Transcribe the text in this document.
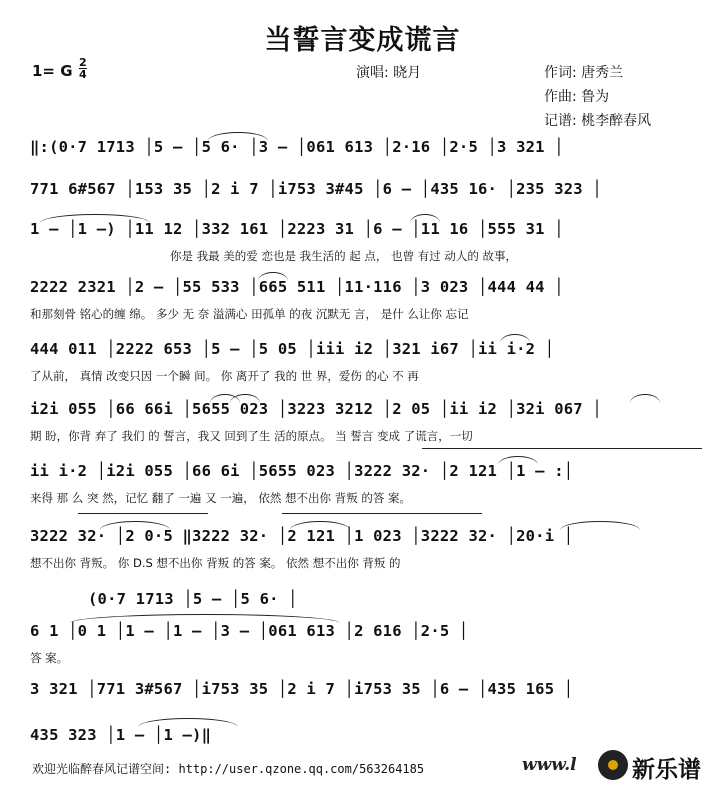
当誓言变成谎言
1= G 2
4	演唱: 晓月	作词: 唐秀兰
作曲: 鲁为
记谱: 桃李醉春风
‖:(0·7 1713 │5 – │5 6· │3 – │061 613 │2·16 │2·5 │3 321 │
771 6#567 │153 35 │2 i 7 │i753 3#45 │6 – │435 16· │235 323 │
1 – │1 –) │11 12 │332 161 │2223 31 │6 – │11 16 │555 31 │
你是 我最 美的爱 恋也是 我生活的 起 点， 也曾 有过 动人的 故事，
2222 2321 │2 – │55 533 │665 511 │11·116 │3 023 │444 44 │
和那刻骨 铭心的缠 绵。 多少 无 奈 溢满心 田孤单 的夜 沉默无 言， 是什 么让你 忘记
444 011 │2222 653 │5 – │5 05 │iii i2 │321 i67 │ii i·2 │
了从前， 真情 改变只因 一个瞬 间。 你 离开了 我的 世 界，爱伤 的心 不 再
i2i 055 │66 66i │5655 023 │3223 3212 │2 05 │ii i2 │32i 067 │
期 盼，你背 弃了 我们 的 誓言，我又 回到了生 活的原点。 当 誓言 变成 了谎言，一切
ii i·2 │i2i 055 │66 6i │5655 023 │3222 32· │2 121 │1 – :│
来得 那 么 突 然，记忆 翻了 一遍 又 一遍， 依然 想不出你 背叛 的答 案。
3222 32· │2 0·5 ‖3222 32· │2 121 │1 023 │3222 32· │20·i │
想不出你 背叛。 你 D.S 想不出你 背叛 的答 案。 依然 想不出你 背叛 的
(0·7 1713 │5 – │5 6· │
6 1 │0 1 │1 – │1 – │3 – │061 613 │2 616 │2·5 │
答 案。
3 321 │771 3#567 │i753 35 │2 i 7 │i753 35 │6 – │435 165 │
435 323 │1 – │1 –)‖
欢迎光临醉春风记谱空间: http://user.qzone.qq.com/563264185	www.l 新乐谱
